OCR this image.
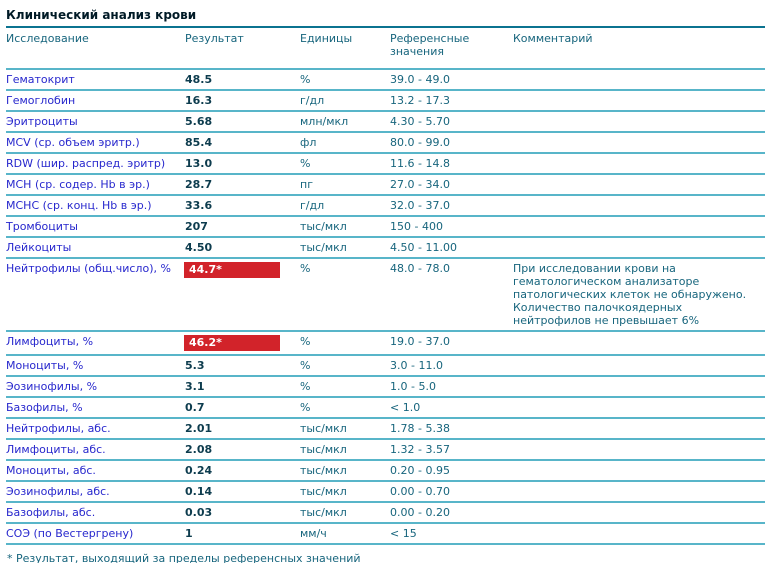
Клинический анализ крови
Исследование	Результат	Единицы	Референсные значения	Комментарий
Гематокрит	48.5	%	39.0 - 49.0	
Гемоглобин	16.3	г/дл	13.2 - 17.3	
Эритроциты	5.68	млн/мкл	4.30 - 5.70	
MCV (ср. объем эритр.)	85.4	фл	80.0 - 99.0	
RDW (шир. распред. эритр)	13.0	%	11.6 - 14.8	
MCH (ср. содер. Hb в эр.)	28.7	пг	27.0 - 34.0	
MCHC (ср. конц. Hb в эр.)	33.6	г/дл	32.0 - 37.0	
Тромбоциты	207	тыс/мкл	150 - 400	
Лейкоциты	4.50	тыс/мкл	4.50 - 11.00	
Нейтрофилы (общ.число), %	44.7*	%	48.0 - 78.0	При исследовании крови на гематологическом анализаторе патологических клеток не обнаружено. Количество палочкоядерных нейтрофилов не превышает 6%
Лимфоциты, %	46.2*	%	19.0 - 37.0	
Моноциты, %	5.3	%	3.0 - 11.0	
Эозинофилы, %	3.1	%	1.0 - 5.0	
Базофилы, %	0.7	%	< 1.0	
Нейтрофилы, абс.	2.01	тыс/мкл	1.78 - 5.38	
Лимфоциты, абс.	2.08	тыс/мкл	1.32 - 3.57	
Моноциты, абс.	0.24	тыс/мкл	0.20 - 0.95	
Эозинофилы, абс.	0.14	тыс/мкл	0.00 - 0.70	
Базофилы, абс.	0.03	тыс/мкл	0.00 - 0.20	
СОЭ (по Вестергрену)	1	мм/ч	< 15	
* Результат, выходящий за пределы референсных значений
